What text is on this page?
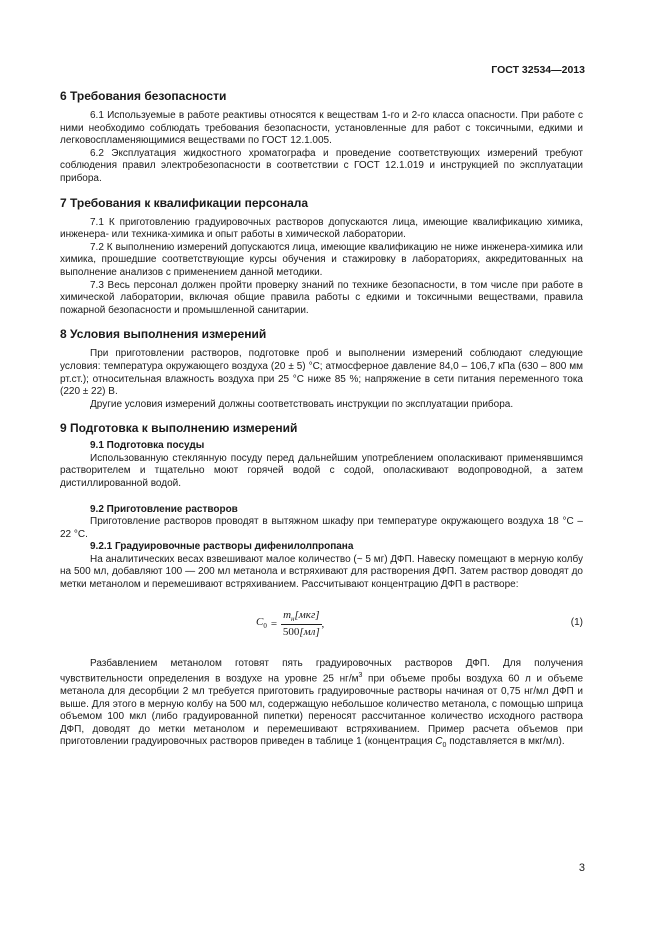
ГОСТ 32534—2013
6 Требования безопасности

6.1 Используемые в работе реактивы относятся к веществам 1-го и 2-го класса опасности. При работе с ними необходимо соблюдать требования безопасности, установленные для работ с токсичными, едкими и легковоспламеняющимися веществами по ГОСТ 12.1.005.

6.2 Эксплуатация жидкостного хроматографа и проведение соответствующих измерений требуют соблюдения правил электробезопасности в соответствии с ГОСТ 12.1.019 и инструкцией по эксплуатации прибора.

7 Требования к квалификации персонала

7.1 К приготовлению градуировочных растворов допускаются лица, имеющие квалификацию химика, инженера- или техника-химика и опыт работы в химической лаборатории.

7.2 К выполнению измерений допускаются лица, имеющие квалификацию не ниже инженера-химика или химика, прошедшие соответствующие курсы обучения и стажировку в лабораториях, аккредитованных на выполнение анализов с применением данной методики.

7.3 Весь персонал должен пройти проверку знаний по технике безопасности, в том числе при работе в химической лаборатории, включая общие правила работы с едкими и токсичными веществами, правила пожарной безопасности и промышленной санитарии.

8 Условия выполнения измерений

При приготовлении растворов, подготовке проб и выполнении измерений соблюдают следующие условия: температура окружающего воздуха (20 ± 5) °С; атмосферное давление 84,0 – 106,7 кПа (630 – 800 мм рт.ст.); относительная влажность воздуха при 25 °С ниже 85 %; напряжение в сети питания переменного тока (220 ± 22) В.

Другие условия измерений должны соответствовать инструкции по эксплуатации прибора.

9 Подготовка к выполнению измерений
9.1 Подготовка посуды

Использованную стеклянную посуду перед дальнейшим употреблением ополаскивают применявшимся растворителем и тщательно моют горячей водой с содой, ополаскивают водопроводной, а затем дистиллированной водой.

9.2 Приготовление растворов

Приготовление растворов проводят в вытяжном шкафу при температуре окружающего воздуха 18 °С – 22 °С.

9.2.1 Градуировочные растворы дифенилолпропана

На аналитических весах взвешивают малое количество (~ 5 мг) ДФП. Навеску помещают в мерную колбу на 500 мл, добавляют 100 — 200 мл метанола и встряхивают для растворения ДФП. Затем раствор доводят до метки метанолом и перемешивают встряхиванием. Рассчитывают концентрацию ДФП в растворе:

$C_0 = \frac{m_н[мкг]}{500[мл]}$ ,	(1)

Разбавлением метанолом готовят пять градуировочных растворов ДФП. Для получения чувствительности определения в воздухе на уровне 25 $нг/м^3$ при объеме пробы воздуха 60 л и объеме метанола для десорбции 2 мл требуется приготовить градуировочные растворы начиная от 0,75 нг/мл ДФП и выше. Для этого в мерную колбу на 500 мл, содержащую небольшое количество метанола, с помощью шприца объемом 100 мкл (либо градуированной пипетки) переносят рассчитанное количество исходного раствора ДФП, доводят до метки метанолом и перемешивают встряхиванием. Пример расчета объемов при приготовлении градуировочных растворов приведен в таблице 1 (концентрация $C_0$ подставляется в мкг/мл).

3
